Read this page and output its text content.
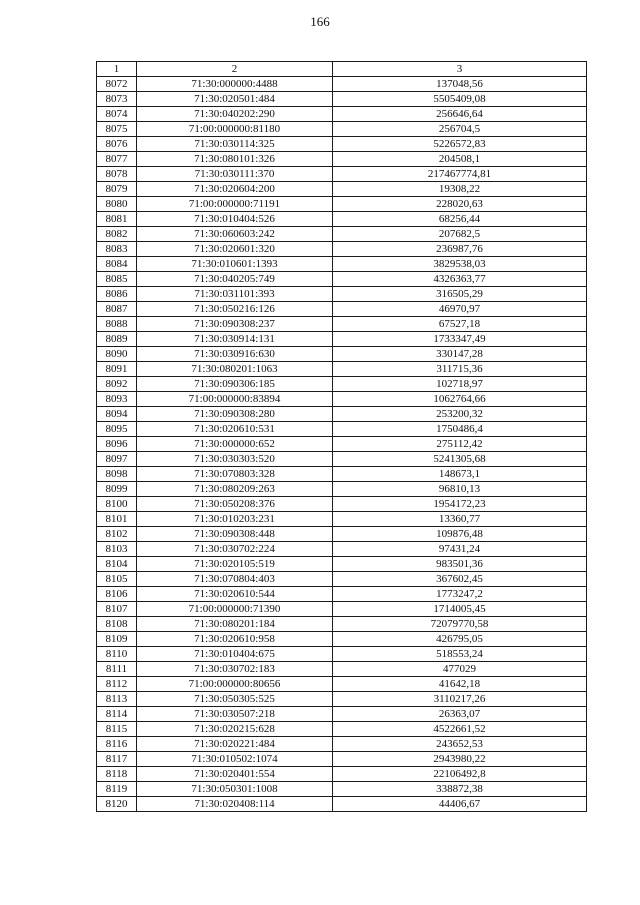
166
1	2	3
8072	71:30:000000:4488	137048,56
8073	71:30:020501:484	5505409,08
8074	71:30:040202:290	256646,64
8075	71:00:000000:81180	256704,5
8076	71:30:030114:325	5226572,83
8077	71:30:080101:326	204508,1
8078	71:30:030111:370	217467774,81
8079	71:30:020604:200	19308,22
8080	71:00:000000:71191	228020,63
8081	71:30:010404:526	68256,44
8082	71:30:060603:242	207682,5
8083	71:30:020601:320	236987,76
8084	71:30:010601:1393	3829538,03
8085	71:30:040205:749	4326363,77
8086	71:30:031101:393	316505,29
8087	71:30:050216:126	46970,97
8088	71:30:090308:237	67527,18
8089	71:30:030914:131	1733347,49
8090	71:30:030916:630	330147,28
8091	71:30:080201:1063	311715,36
8092	71:30:090306:185	102718,97
8093	71:00:000000:83894	1062764,66
8094	71:30:090308:280	253200,32
8095	71:30:020610:531	1750486,4
8096	71:30:000000:652	275112,42
8097	71:30:030303:520	5241305,68
8098	71:30:070803:328	148673,1
8099	71:30:080209:263	96810,13
8100	71:30:050208:376	1954172,23
8101	71:30:010203:231	13360,77
8102	71:30:090308:448	109876,48
8103	71:30:030702:224	97431,24
8104	71:30:020105:519	983501,36
8105	71:30:070804:403	367602,45
8106	71:30:020610:544	1773247,2
8107	71:00:000000:71390	1714005,45
8108	71:30:080201:184	72079770,58
8109	71:30:020610:958	426795,05
8110	71:30:010404:675	518553,24
8111	71:30:030702:183	477029
8112	71:00:000000:80656	41642,18
8113	71:30:050305:525	3110217,26
8114	71:30:030507:218	26363,07
8115	71:30:020215:628	4522661,52
8116	71:30:020221:484	243652,53
8117	71:30:010502:1074	2943980,22
8118	71:30:020401:554	22106492,8
8119	71:30:050301:1008	338872,38
8120	71:30:020408:114	44406,67
